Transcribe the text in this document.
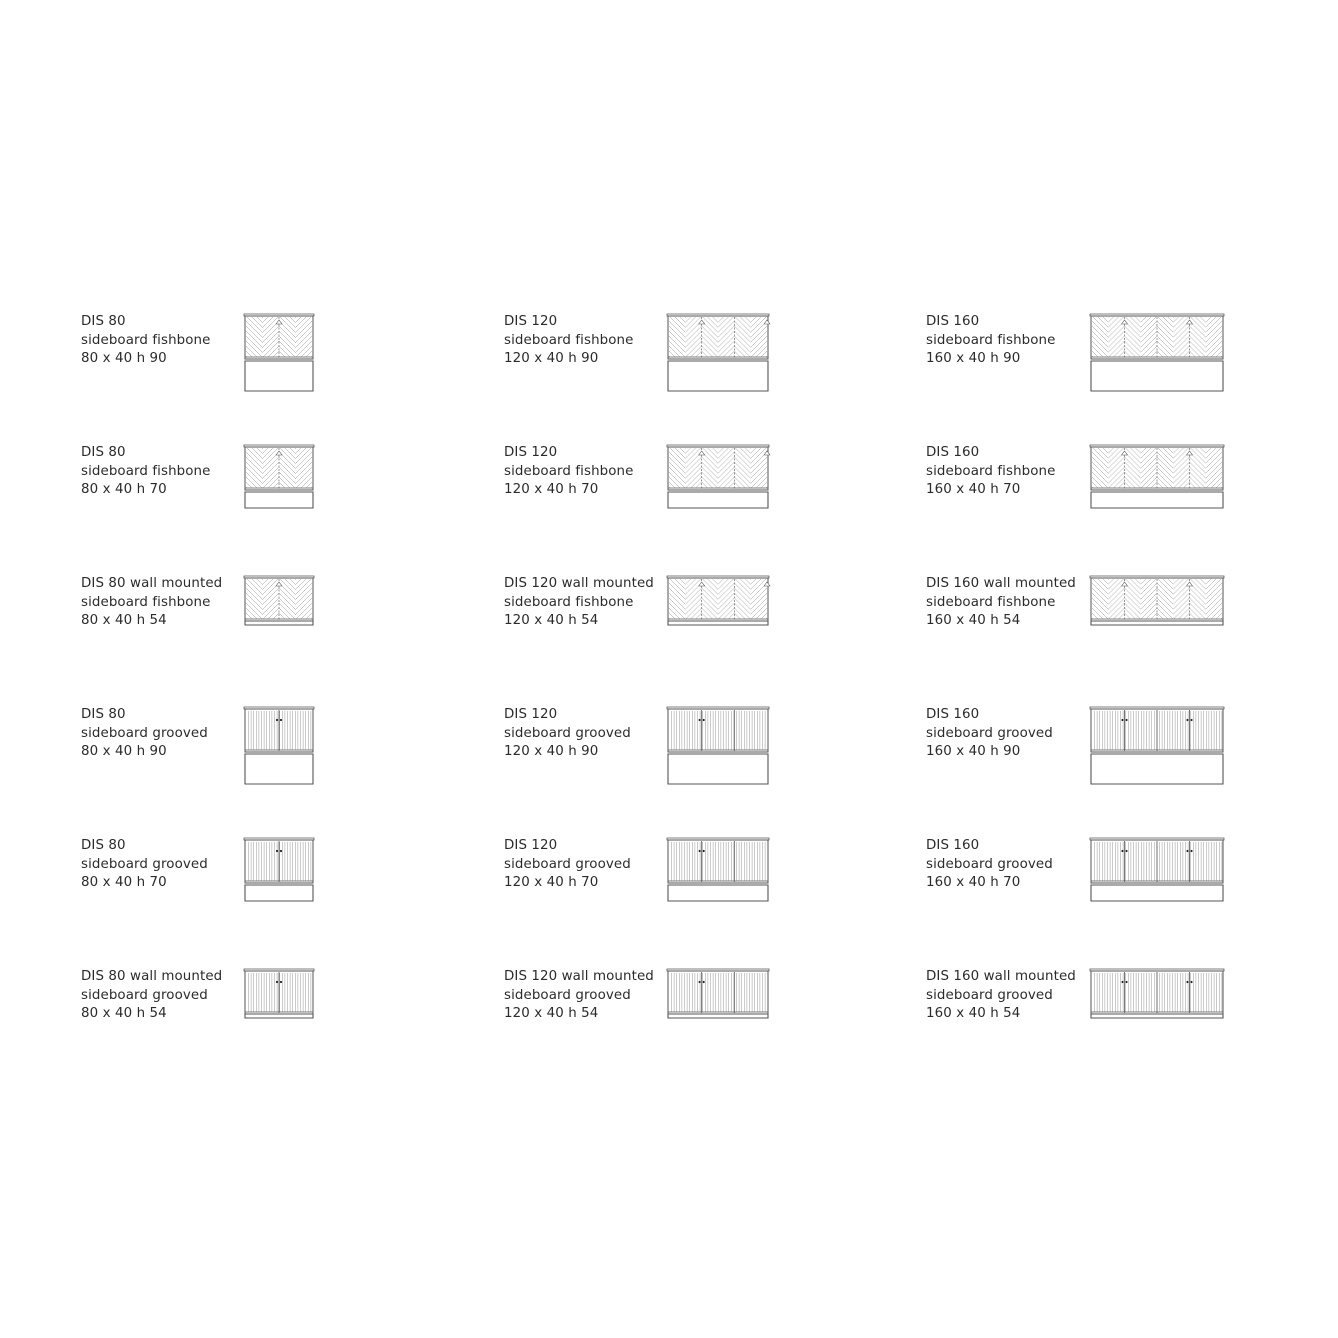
DIS 80
sideboard fishbone
80 x 40 h 90
DIS 120
sideboard fishbone
120 x 40 h 90
DIS 160
sideboard fishbone
160 x 40 h 90
DIS 80
sideboard fishbone
80 x 40 h 70
DIS 120
sideboard fishbone
120 x 40 h 70
DIS 160
sideboard fishbone
160 x 40 h 70
DIS 80 wall mounted
sideboard fishbone
80 x 40 h 54
DIS 120 wall mounted
sideboard fishbone
120 x 40 h 54
DIS 160 wall mounted
sideboard fishbone
160 x 40 h 54
DIS 80
sideboard grooved
80 x 40 h 90
DIS 120
sideboard grooved
120 x 40 h 90
DIS 160
sideboard grooved
160 x 40 h 90
DIS 80
sideboard grooved
80 x 40 h 70
DIS 120
sideboard grooved
120 x 40 h 70
DIS 160
sideboard grooved
160 x 40 h 70
DIS 80 wall mounted
sideboard grooved
80 x 40 h 54
DIS 120 wall mounted
sideboard grooved
120 x 40 h 54
DIS 160 wall mounted
sideboard grooved
160 x 40 h 54
